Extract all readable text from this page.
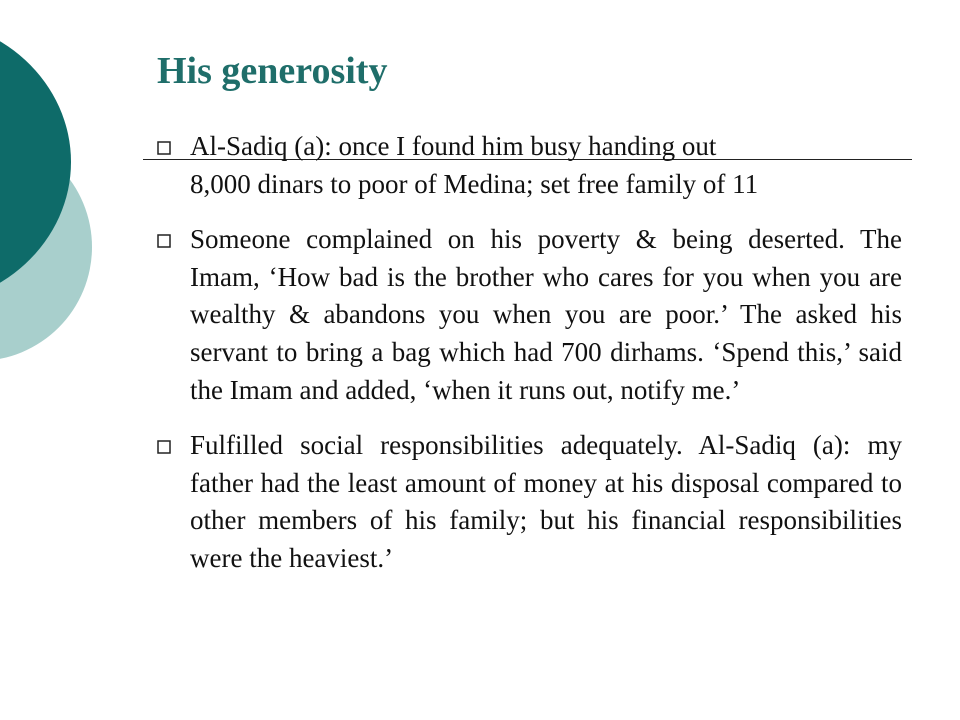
His generosity
Al-Sadiq (a): once I found him busy handing out
8,000 dinars to poor of Medina; set free family of 11
Someone complained on his poverty & being deserted. The Imam, ‘How bad is the brother who cares for you when you are wealthy & abandons you when you are poor.’ The asked his servant to bring a bag which had 700 dirhams. ‘Spend this,’ said the Imam and added, ‘when it runs out, notify me.’
Fulfilled social responsibilities adequately. Al-Sadiq (a): my father had the least amount of money at his disposal compared to other members of his family; but his financial responsibilities were the heaviest.’
